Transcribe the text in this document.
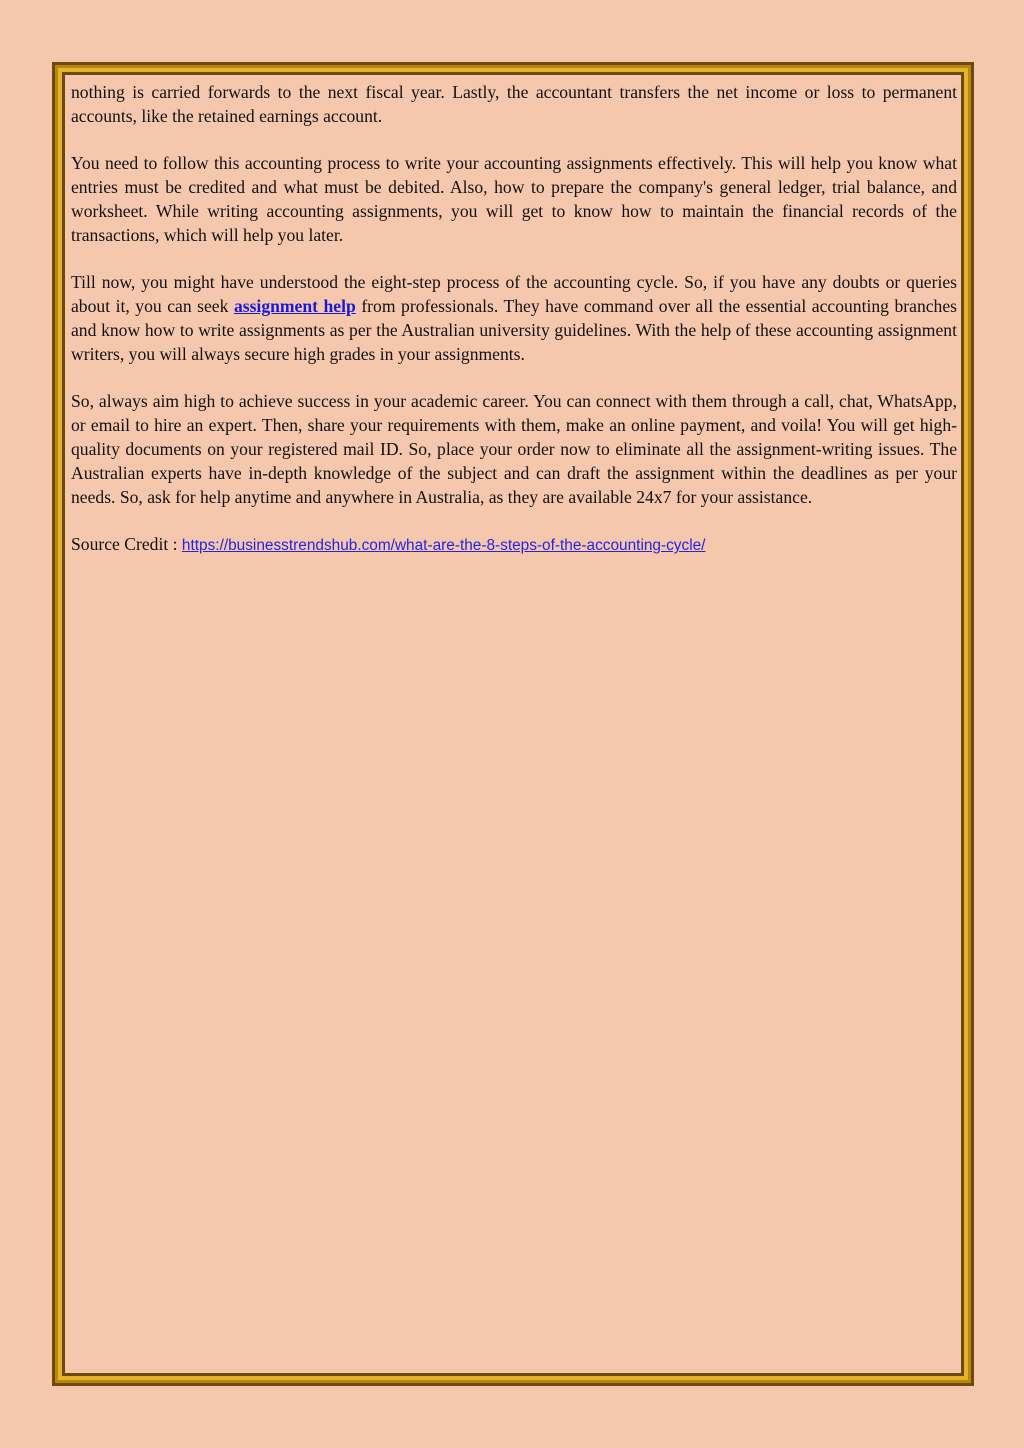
nothing is carried forwards to the next fiscal year. Lastly, the accountant transfers the net income or loss to permanent accounts, like the retained earnings account.

You need to follow this accounting process to write your accounting assignments effectively. This will help you know what entries must be credited and what must be debited. Also, how to prepare the company's general ledger, trial balance, and worksheet. While writing accounting assignments, you will get to know how to maintain the financial records of the transactions, which will help you later.

Till now, you might have understood the eight-step process of the accounting cycle. So, if you have any doubts or queries about it, you can seek assignment help from professionals. They have command over all the essential accounting branches and know how to write assignments as per the Australian university guidelines. With the help of these accounting assignment writers, you will always secure high grades in your assignments.

So, always aim high to achieve success in your academic career. You can connect with them through a call, chat, WhatsApp, or email to hire an expert. Then, share your requirements with them, make an online payment, and voila! You will get high-quality documents on your registered mail ID. So, place your order now to eliminate all the assignment-writing issues. The Australian experts have in-depth knowledge of the subject and can draft the assignment within the deadlines as per your needs. So, ask for help anytime and anywhere in Australia, as they are available 24x7 for your assistance.

Source Credit : https://businesstrendshub.com/what-are-the-8-steps-of-the-accounting-cycle/
